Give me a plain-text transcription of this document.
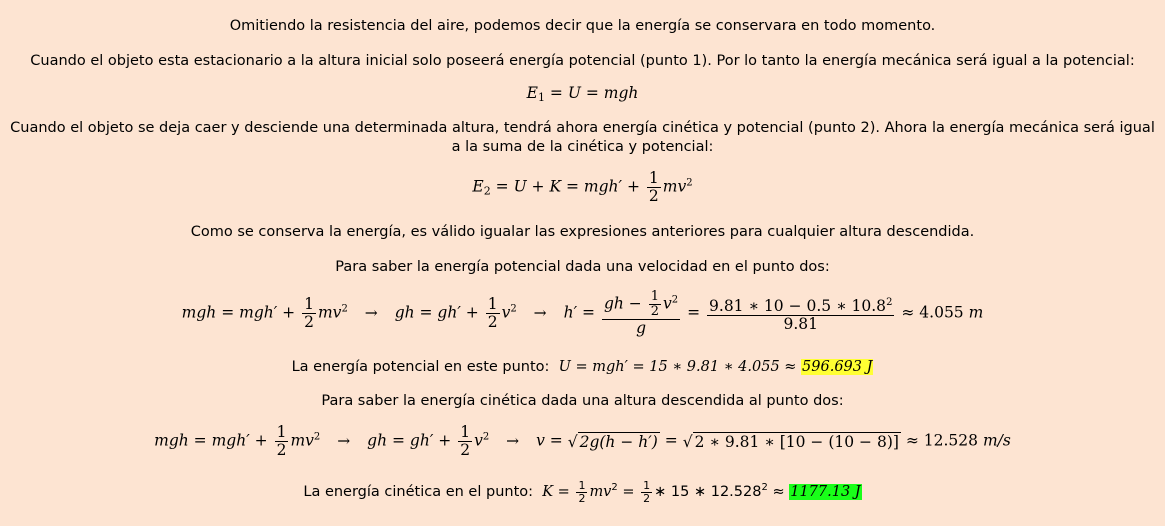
Omitiendo la resistencia del aire, podemos decir que la energía se conservara en todo momento.
Cuando el objeto esta estacionario a la altura inicial solo poseerá energía potencial (punto 1). Por lo tanto la energía mecánica será igual a la potencial:
$E_1 = U$ = mgh
Cuando el objeto se deja caer y desciende una determinada altura, tendrá ahora energía cinética y potencial (punto 2). Ahora la energía mecánica será igual
a la suma de la cinética y potencial:
$E_2 = U + K = mgh' + \frac{1}{2} mv^2$
Como se conserva la energía, es válido igualar las expresiones anteriores para cualquier altura descendida.
Para saber la energía potencial dada una velocidad en el punto dos:
mgh = $mgh' + \frac{1}{2} mv^2$ → gh = $gh' + \frac{1}{2} v^2 \to h' = \frac{gh - \frac{1}{2} v^2}{g} = \frac{9.81 ∗ 10 - 0.5 ∗ 10.8^2}{9.81} \approx 4.055$ m
La energía potencial en este punto: U = mgh′ = 15 ∗ 9.81 ∗ 4.055 ≈ 596.693 J
Para saber la energía cinética dada una altura descendida al punto dos:
mgh = $mgh' + \frac{1}{2} mv^2$ → gh = $gh' + \frac{1}{2} v^2 \to v$ = √ 2g(h − h′) = √ 2 ∗ 9.81 ∗ [10 − (10 − 8)] ≈ 12.528 m/s
La energía cinética en el punto: $K = \frac{1}{2} mv^2 = \frac{1}{2}$ ∗ 15 ∗ $12.528^2 \approx 1177.13$ J
